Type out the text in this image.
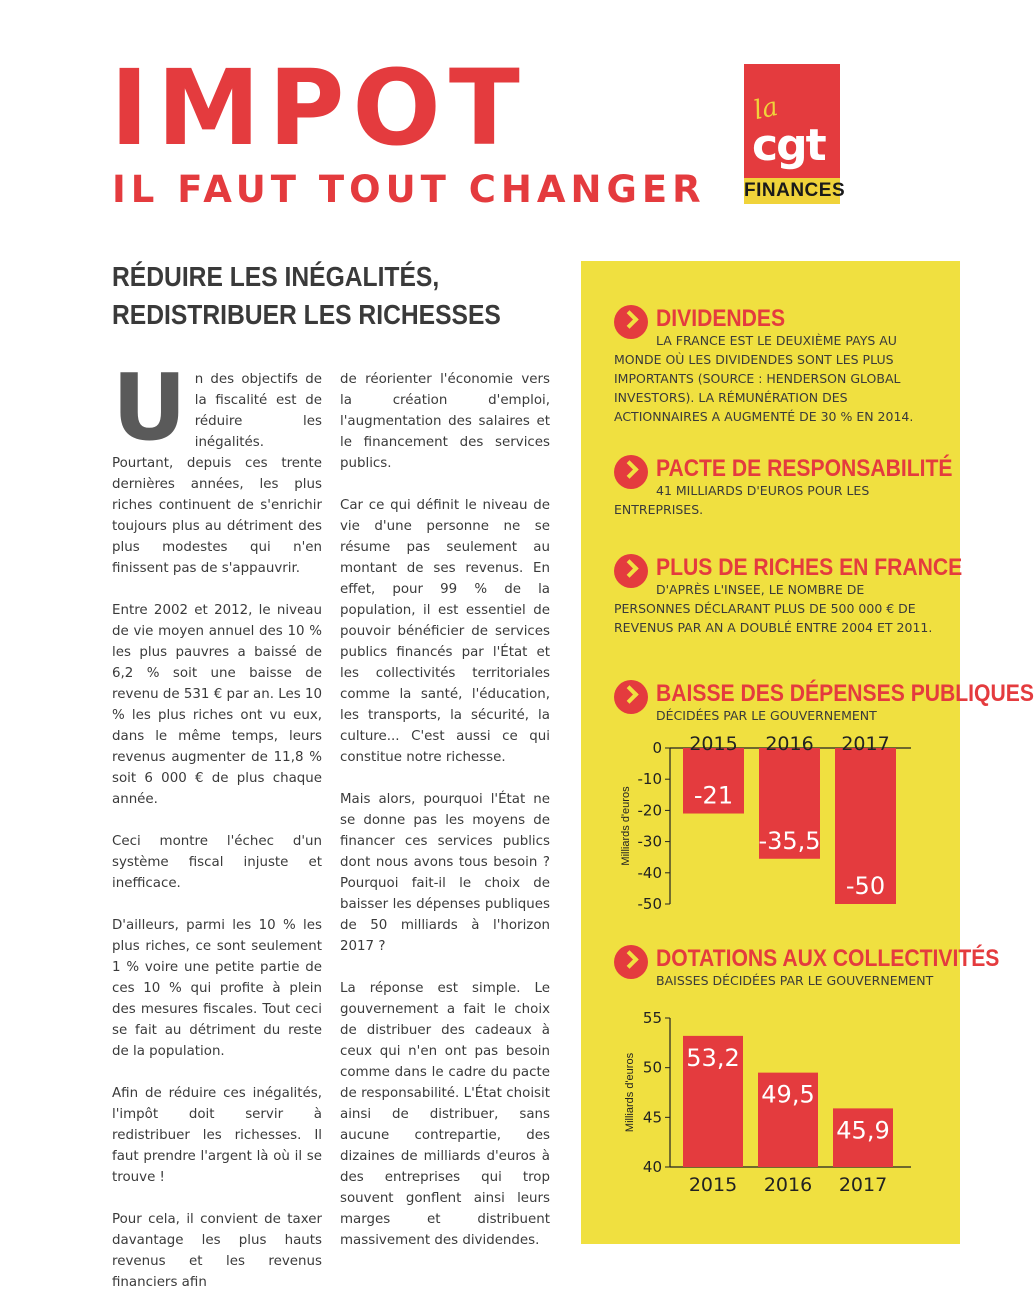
IMPOT
IL FAUT TOUT CHANGER
la
cgt
FINANCES
RÉDUIRE LES INÉGALITÉS,
REDISTRIBUER LES RICHESSES

Un des objectifs de la fiscalité est de réduire les inégalités. Pourtant, depuis ces trente dernières années, les plus riches continuent de s'enrichir toujours plus au détriment des plus modestes qui n'en finissent pas de s'appauvrir.

Entre 2002 et 2012, le niveau de vie moyen annuel des 10 % les plus pauvres a baissé de 6,2 % soit une baisse de revenu de 531 € par an. Les 10 % les plus riches ont vu eux, dans le même temps, leurs revenus augmenter de 11,8 % soit 6 000 € de plus chaque année.

Ceci montre l'échec d'un système fiscal injuste et inefficace.

D'ailleurs, parmi les 10 % les plus riches, ce sont seulement 1 % voire une petite partie de ces 10 % qui profite à plein des mesures fiscales. Tout ceci se fait au détriment du reste de la population.

Afin de réduire ces inégalités, l'impôt doit servir à redistribuer les richesses. Il faut prendre l'argent là où il se trouve !

Pour cela, il convient de taxer davantage les plus hauts revenus et les revenus financiers afin

de réorienter l'économie vers la création d'emploi, l'augmentation des salaires et le financement des services publics.

Car ce qui définit le niveau de vie d'une personne ne se résume pas seulement au montant de ses revenus. En effet, pour 99 % de la population, il est essentiel de pouvoir bénéficier de services publics financés par l'État et les collectivités territoriales comme la santé, l'éducation, les transports, la sécurité, la culture... C'est aussi ce qui constitue notre richesse.

Mais alors, pourquoi l'État ne se donne pas les moyens de financer ces services publics dont nous avons tous besoin ? Pourquoi fait-il le choix de baisser les dépenses publiques de 50 milliards à l'horizon 2017 ?

La réponse est simple. Le gouvernement a fait le choix de distribuer des cadeaux à ceux qui n'en ont pas besoin comme dans le cadre du pacte de responsabilité. L'État choisit ainsi de distribuer, sans aucune contrepartie, des dizaines de milliards d'euros à des entreprises qui trop souvent gonflent ainsi leurs marges et distribuent massivement des dividendes.

DIVIDENDES
LA FRANCE EST LE DEUXIÈME PAYS AU MONDE OÙ LES DIVIDENDES SONT LES PLUS IMPORTANTS (SOURCE : HENDERSON GLOBAL INVESTORS). LA RÉMUNÉRATION DES ACTIONNAIRES A AUGMENTÉ DE 30 % EN 2014.
PACTE DE RESPONSABILITÉ
41 MILLIARDS D'EUROS POUR LES ENTREPRISES.
PLUS DE RICHES EN FRANCE
D'APRÈS L'INSEE, LE NOMBRE DE PERSONNES DÉCLARANT PLUS DE 500 000 € DE REVENUS PAR AN A DOUBLÉ ENTRE 2004 ET 2011.
BAISSE DES DÉPENSES PUBLIQUES
DÉCIDÉES PAR LE GOUVERNEMENT
0
-10
-20
-30
-40
-50
Milliards d'euros	-21
2015
-35,5
2016
-50
2017
DOTATIONS AUX COLLECTIVITÉS
BAISSES DÉCIDÉES PAR LE GOUVERNEMENT
40
45
50
55
Milliards d'euros 53,2
2015
49,5
2016
45,9
2017
